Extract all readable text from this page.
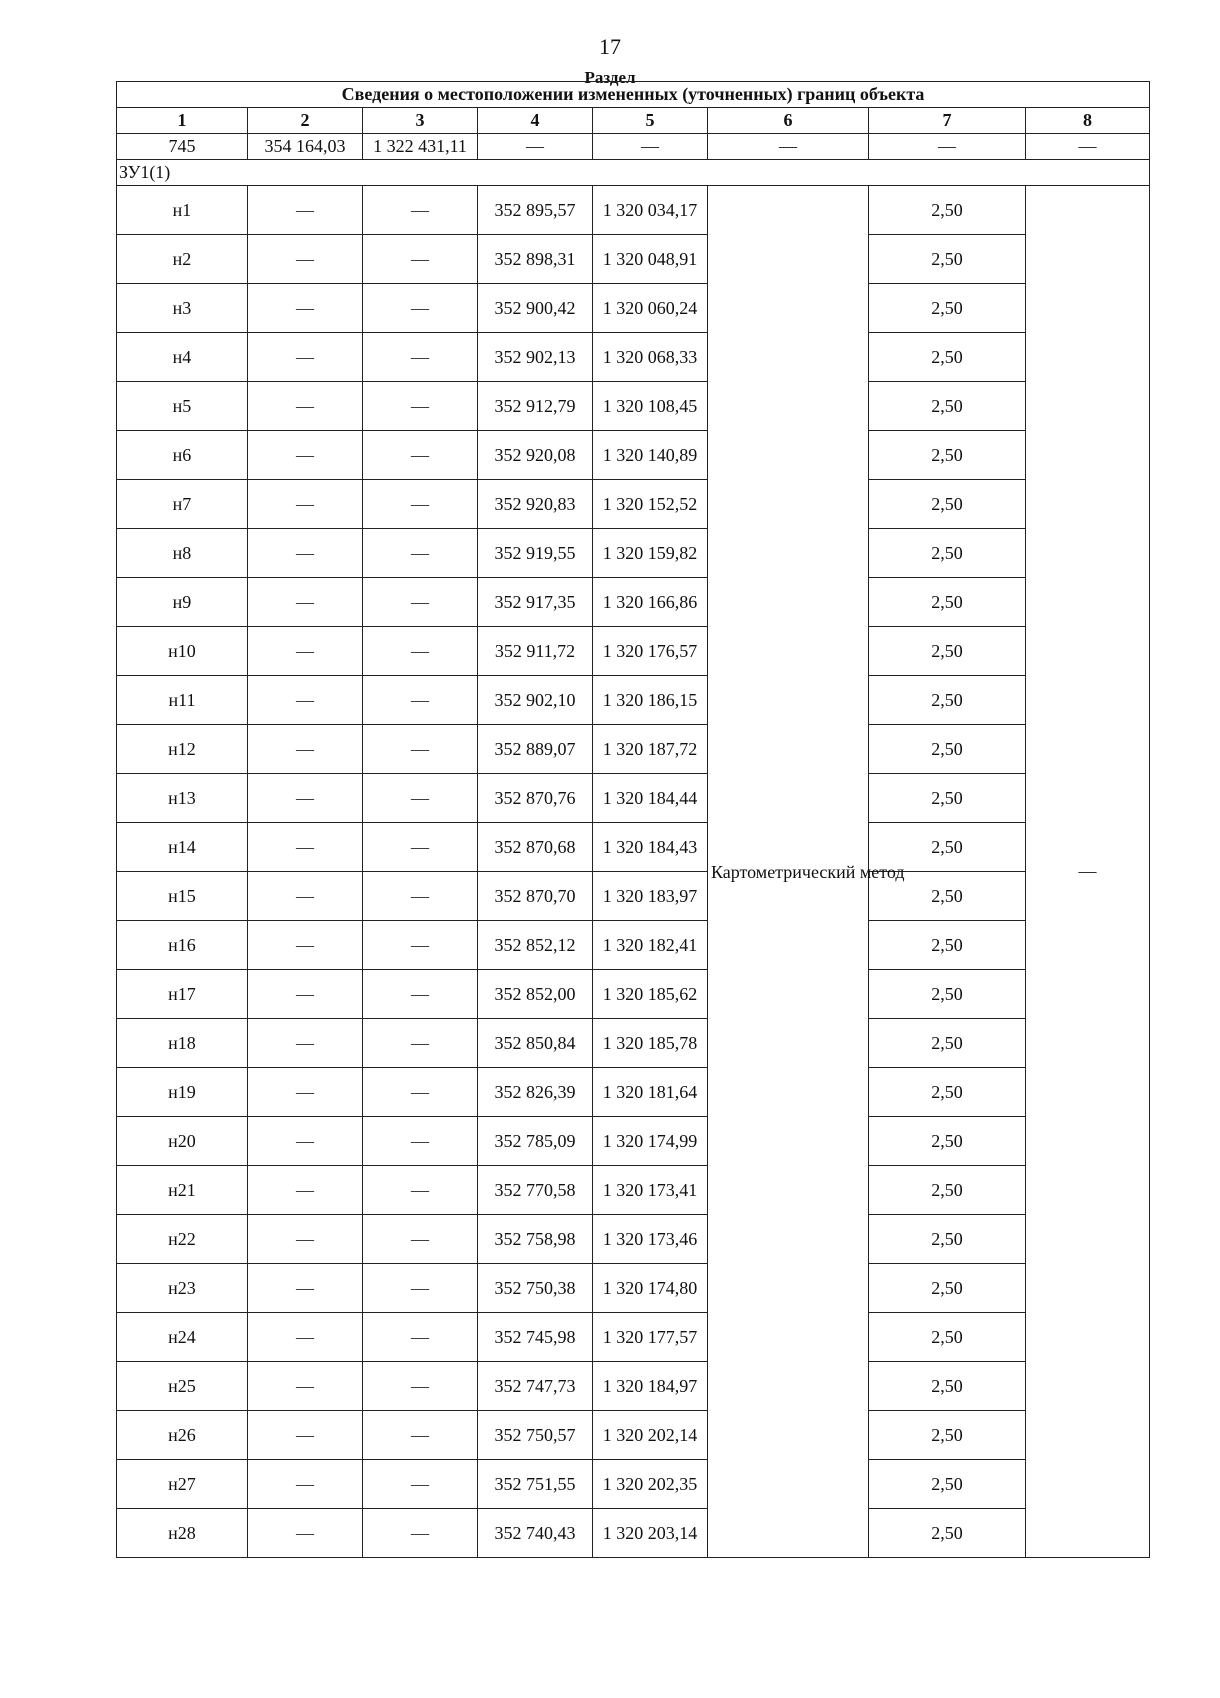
17
Раздел
Сведения о местоположении измененных (уточненных) границ объекта							
1	2	3	4	5	6	7	8
745	354 164,03	1 322 431,11	—	—	—	—	—
ЗУ1(1)							
н1	—	—	352 895,57	1 320 034,17	Картометрический метод	2,50	—
н2	—	—	352 898,31	1 320 048,91		2,50	
н3	—	—	352 900,42	1 320 060,24		2,50	
н4	—	—	352 902,13	1 320 068,33		2,50	
н5	—	—	352 912,79	1 320 108,45		2,50	
н6	—	—	352 920,08	1 320 140,89		2,50	
н7	—	—	352 920,83	1 320 152,52		2,50	
н8	—	—	352 919,55	1 320 159,82		2,50	
н9	—	—	352 917,35	1 320 166,86		2,50	
н10	—	—	352 911,72	1 320 176,57		2,50	
н11	—	—	352 902,10	1 320 186,15		2,50	
н12	—	—	352 889,07	1 320 187,72		2,50	
н13	—	—	352 870,76	1 320 184,44		2,50	
н14	—	—	352 870,68	1 320 184,43		2,50	
н15	—	—	352 870,70	1 320 183,97		2,50	
н16	—	—	352 852,12	1 320 182,41		2,50	
н17	—	—	352 852,00	1 320 185,62		2,50	
н18	—	—	352 850,84	1 320 185,78		2,50	
н19	—	—	352 826,39	1 320 181,64		2,50	
н20	—	—	352 785,09	1 320 174,99		2,50	
н21	—	—	352 770,58	1 320 173,41		2,50	
н22	—	—	352 758,98	1 320 173,46		2,50	
н23	—	—	352 750,38	1 320 174,80		2,50	
н24	—	—	352 745,98	1 320 177,57		2,50	
н25	—	—	352 747,73	1 320 184,97		2,50	
н26	—	—	352 750,57	1 320 202,14		2,50	
н27	—	—	352 751,55	1 320 202,35		2,50	
н28	—	—	352 740,43	1 320 203,14		2,50	
